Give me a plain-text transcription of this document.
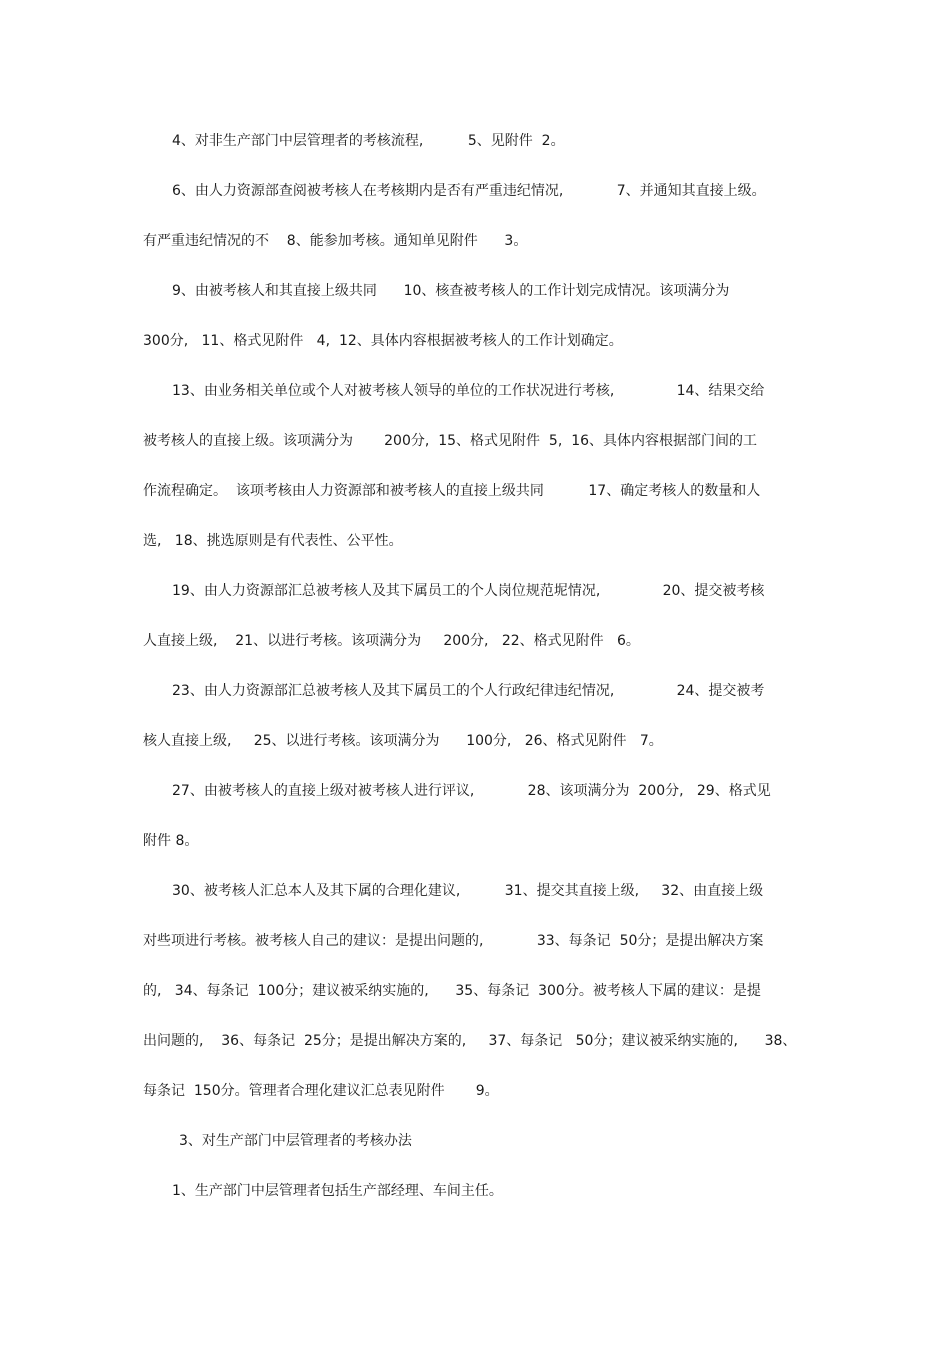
4、对非生产部门中层管理者的考核流程,          5、见附件  2。
6、由人力资源部查阅被考核人在考核期内是否有严重违纪情况,            7、并通知其直接上级。
有严重违纪情况的不    8、能参加考核。通知单见附件      3。
9、由被考核人和其直接上级共同      10、核查被考核人的工作计划完成情况。该项满分为
300分,   11、格式见附件   4,  12、具体内容根据被考核人的工作计划确定。
13、由业务相关单位或个人对被考核人领导的单位的工作状况进行考核,              14、结果交给
被考核人的直接上级。该项满分为       200分,  15、格式见附件  5,  16、具体内容根据部门间的工
作流程确定。  该项考核由人力资源部和被考核人的直接上级共同          17、确定考核人的数量和人
选,   18、挑选原则是有代表性、公平性。
19、由人力资源部汇总被考核人及其下属员工的个人岗位规范坭情况,              20、提交被考核
人直接上级,    21、以进行考核。该项满分为     200分,   22、格式见附件   6。
23、由人力资源部汇总被考核人及其下属员工的个人行政纪律违纪情况,              24、提交被考
核人直接上级,     25、以进行考核。该项满分为      100分,   26、格式见附件   7。
27、由被考核人的直接上级对被考核人进行评议,            28、该项满分为  200分,   29、格式见
附件 8。
30、被考核人汇总本人及其下属的合理化建议,          31、提交其直接上级,     32、由直接上级
对些项进行考核。被考核人自己的建议：是提出问题的,            33、每条记  50分；是提出解决方案
的,   34、每条记  100分；建议被采纳实施的,      35、每条记  300分。被考核人下属的建议：是提
出问题的,    36、每条记  25分；是提出解决方案的,     37、每条记   50分；建议被采纳实施的,      38、
每条记  150分。管理者合理化建议汇总表见附件       9。
3、对生产部门中层管理者的考核办法
1、生产部门中层管理者包括生产部经理、车间主任。
